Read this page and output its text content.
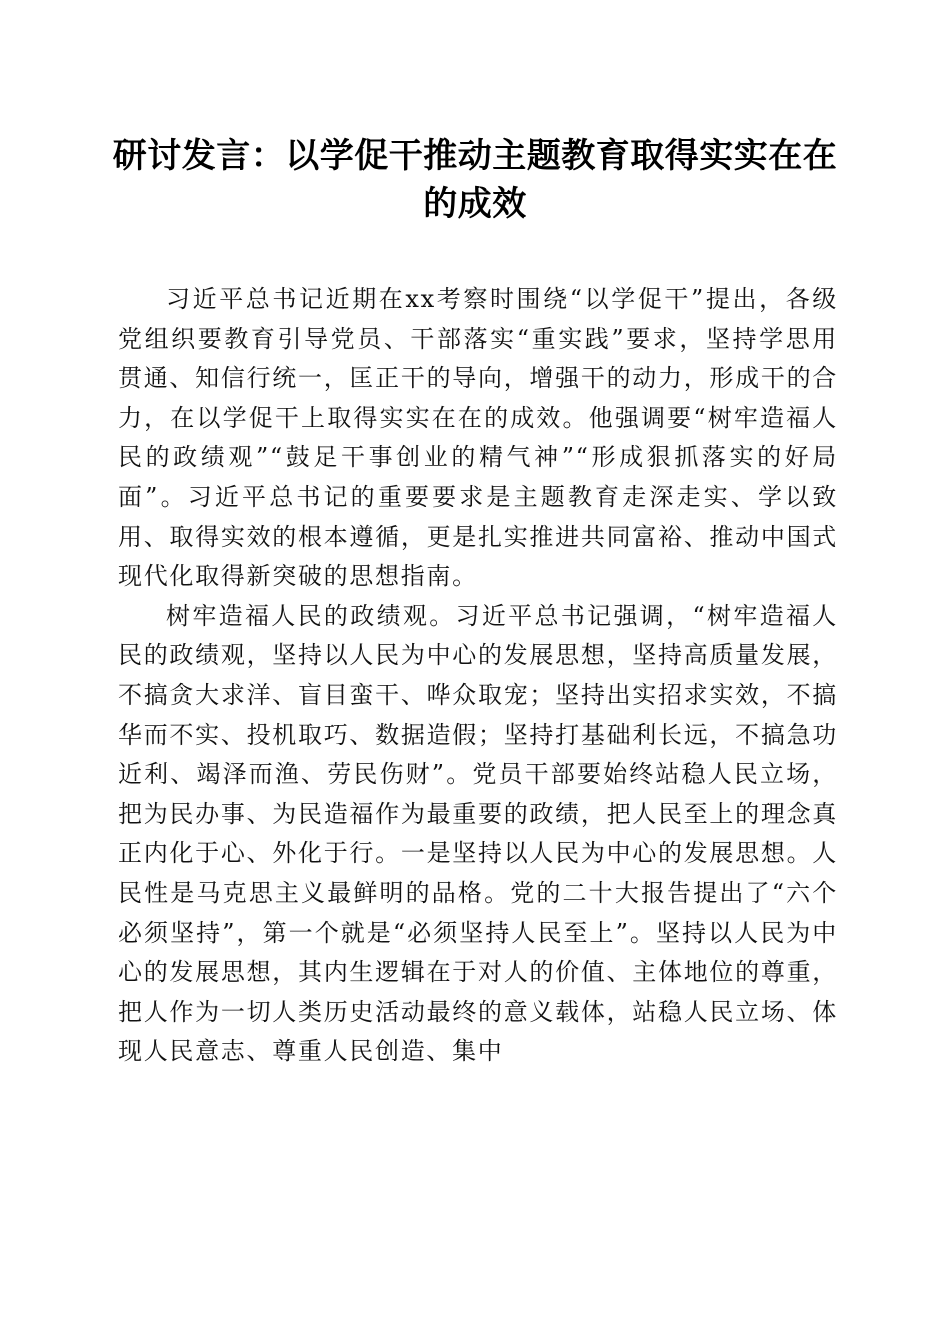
研讨发言：以学促干推动主题教育取得实实在在的成效

习近平总书记近期在xx考察时围绕“以学促干”提出，各级党组织要教育引导党员、干部落实“重实践”要求，坚持学思用贯通、知信行统一，匡正干的导向，增强干的动力，形成干的合力，在以学促干上取得实实在在的成效。他强调要“树牢造福人民的政绩观”“鼓足干事创业的精气神”“形成狠抓落实的好局面”。习近平总书记的重要要求是主题教育走深走实、学以致用、取得实效的根本遵循，更是扎实推进共同富裕、推动中国式现代化取得新突破的思想指南。

树牢造福人民的政绩观。习近平总书记强调，“树牢造福人民的政绩观，坚持以人民为中心的发展思想，坚持高质量发展，不搞贪大求洋、盲目蛮干、哗众取宠；坚持出实招求实效，不搞华而不实、投机取巧、数据造假；坚持打基础利长远，不搞急功近利、竭泽而渔、劳民伤财”。党员干部要始终站稳人民立场，把为民办事、为民造福作为最重要的政绩，把人民至上的理念真正内化于心、外化于行。一是坚持以人民为中心的发展思想。人民性是马克思主义最鲜明的品格。党的二十大报告提出了“六个必须坚持”，第一个就是“必须坚持人民至上”。坚持以人民为中心的发展思想，其内生逻辑在于对人的价值、主体地位的尊重，把人作为一切人类历史活动最终的意义载体，站稳人民立场、体现人民意志、尊重人民创造、集中
